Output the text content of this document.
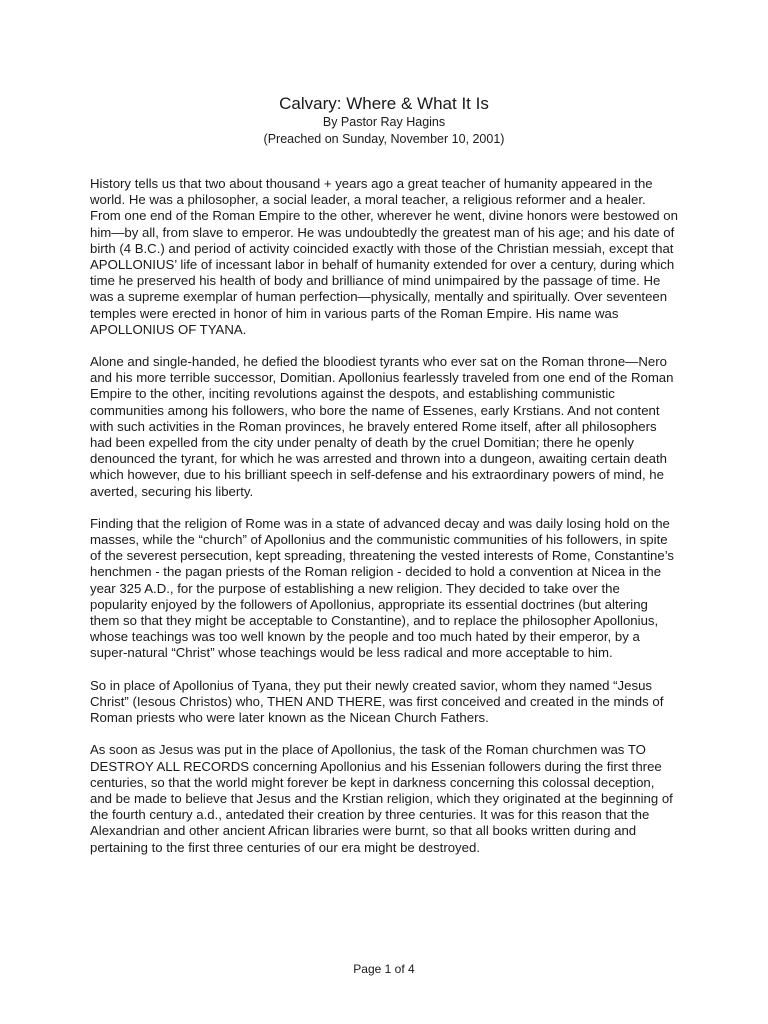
Calvary: Where & What It Is

By Pastor Ray Hagins

(Preached on Sunday, November 10, 2001)

History tells us that two about thousand + years ago a great teacher of humanity appeared in the world. He was a philosopher, a social leader, a moral teacher, a religious reformer and a healer. From one end of the Roman Empire to the other, wherever he went, divine honors were bestowed on him—by all, from slave to emperor. He was undoubtedly the greatest man of his age; and his date of birth (4 B.C.) and period of activity coincided exactly with those of the Christian messiah, except that APOLLONIUS’ life of incessant labor in behalf of humanity extended for over a century, during which time he preserved his health of body and brilliance of mind unimpaired by the passage of time. He was a supreme exemplar of human perfection—physically, mentally and spiritually. Over seventeen temples were erected in honor of him in various parts of the Roman Empire. His name was APOLLONIUS OF TYANA.

Alone and single-handed, he defied the bloodiest tyrants who ever sat on the Roman throne—Nero and his more terrible successor, Domitian. Apollonius fearlessly traveled from one end of the Roman Empire to the other, inciting revolutions against the despots, and establishing communistic communities among his followers, who bore the name of Essenes, early Krstians. And not content with such activities in the Roman provinces, he bravely entered Rome itself, after all philosophers had been expelled from the city under penalty of death by the cruel Domitian; there he openly denounced the tyrant, for which he was arrested and thrown into a dungeon, awaiting certain death which however, due to his brilliant speech in self-defense and his extraordinary powers of mind, he averted, securing his liberty.

Finding that the religion of Rome was in a state of advanced decay and was daily losing hold on the masses, while the “church” of Apollonius and the communistic communities of his followers, in spite of the severest persecution, kept spreading, threatening the vested interests of Rome, Constantine’s henchmen - the pagan priests of the Roman religion - decided to hold a convention at Nicea in the year 325 A.D., for the purpose of establishing a new religion. They decided to take over the popularity enjoyed by the followers of Apollonius, appropriate its essential doctrines (but altering them so that they might be acceptable to Constantine), and to replace the philosopher Apollonius, whose teachings was too well known by the people and too much hated by their emperor, by a super-natural “Christ” whose teachings would be less radical and more acceptable to him.

So in place of Apollonius of Tyana, they put their newly created savior, whom they named “Jesus Christ” (Iesous Christos) who, THEN AND THERE, was first conceived and created in the minds of Roman priests who were later known as the Nicean Church Fathers.

As soon as Jesus was put in the place of Apollonius, the task of the Roman churchmen was TO DESTROY ALL RECORDS concerning Apollonius and his Essenian followers during the first three centuries, so that the world might forever be kept in darkness concerning this colossal deception, and be made to believe that Jesus and the Krstian religion, which they originated at the beginning of the fourth century a.d., antedated their creation by three centuries. It was for this reason that the Alexandrian and other ancient African libraries were burnt, so that all books written during and pertaining to the first three centuries of our era might be destroyed.

Page 1 of 4
